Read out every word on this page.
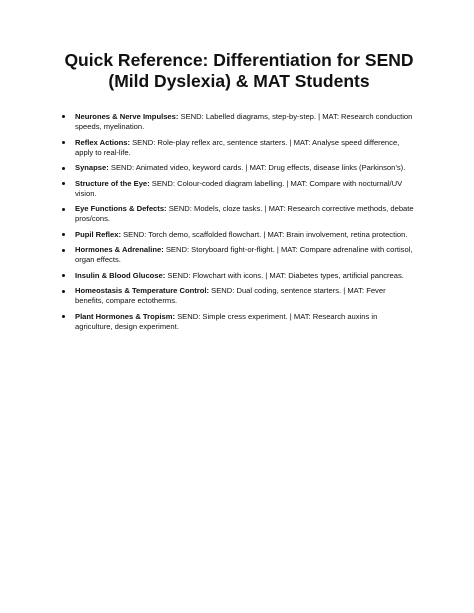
Quick Reference: Differentiation for SEND (Mild Dyslexia) & MAT Students
Neurones & Nerve Impulses: SEND: Labelled diagrams, step-by-step. | MAT: Research conduction speeds, myelination.
Reflex Actions: SEND: Role-play reflex arc, sentence starters. | MAT: Analyse speed difference, apply to real-life.
Synapse: SEND: Animated video, keyword cards. | MAT: Drug effects, disease links (Parkinson’s).
Structure of the Eye: SEND: Colour-coded diagram labelling. | MAT: Compare with nocturnal/UV vision.
Eye Functions & Defects: SEND: Models, cloze tasks. | MAT: Research corrective methods, debate pros/cons.
Pupil Reflex: SEND: Torch demo, scaffolded flowchart. | MAT: Brain involvement, retina protection.
Hormones & Adrenaline: SEND: Storyboard fight-or-flight. | MAT: Compare adrenaline with cortisol, organ effects.
Insulin & Blood Glucose: SEND: Flowchart with icons. | MAT: Diabetes types, artificial pancreas.
Homeostasis & Temperature Control: SEND: Dual coding, sentence starters. | MAT: Fever benefits, compare ectotherms.
Plant Hormones & Tropism: SEND: Simple cress experiment. | MAT: Research auxins in agriculture, design experiment.
